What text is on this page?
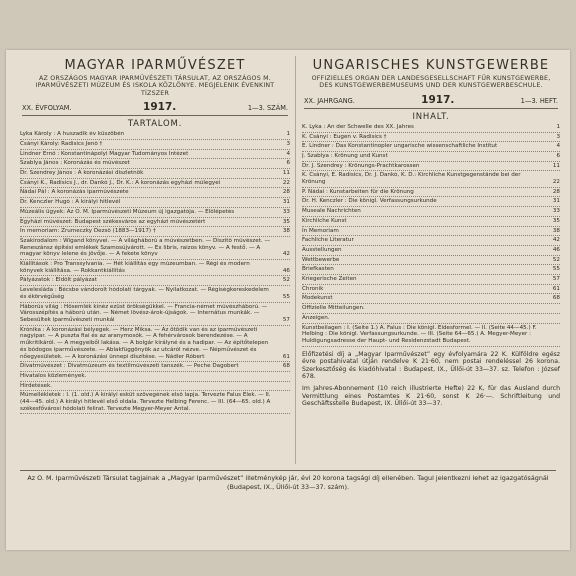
MAGYAR IPARMŰVÉSZET
AZ ORSZÁGOS MAGYAR IPARMŰVÉSZETI TÁRSULAT, AZ ORSZÁGOS M. IPARMŰVÉSZETI MÚZEUM ÉS ISKOLA KÖZLÖNYE. MEGJELENIK ÉVENKINT TÍZSZER
XX. ÉVFOLYAM.	1917.	1—3. SZÁM.
TARTALOM.
Lyka Károly : A huszadik év küszöbén	1
Csányi Károly: Radisics Jenő †	3
Lindner Ernő : Konstantinápolyi Magyar Tudományos Intézet	4
Szablya János : Koronázás és művészet	6
Dr. Szendrey János : A koronázási díszletnök	11
Csányi K., Radisics J., dr. Dankó J., Dr. K.: A koronázás egyházi műlegyei	22
Nádai Pál : A koronázás iparművészete	28
Dr. Kenczler Hugó : A királyi hitlevél	31
Múzeális ügyek: Az O. M. Iparművészeti Múzeum új igazgatója. — Előlépetés	33
Egyházi művészet: Budapest székesváros az egyházi művészetért	35
In memoriam: Zrumeczky Dezső (1883—1917) †	38
Szakirodalom : Wigand könyvei. — A világháború a művészetben. — Díszítő művészet. — Reneszánsz építési emlékek Szamosújvárott. — Ex libris, raizos könyv. — A festő. — A magyar könyv lelene és jövője. — A fekete könyv	42
Kiállítások : Pro Transsylvania. — Hét kiállítás egy múzeumban. — Régi és modern könyvek kiállítása. — Rokkantkiállítás	46
Pályázatok : Eldőlt pályázat	52
Levelesláda : Bécsbe vándorolt hódolati tárgyak. — Nyilatkozat. — Régiségkereskedelem és ékörvégűség	55
Háborús világ : Hősemlék kinéz ezüst örökségükkel. — Francia-német művészháború. — Városszépítés a háború után. — Német lövész-árok-újságok. — Internátus munkák. — Sebesültek iparművészeti munkái	57
Krónika : A koronázási bélyegek. — Herz Miksa. — Az ötödik van és az iparművészeti nagyipar. — A puszta fiai és az aranymosók. — A fehérvárosok berendezése. — A műkritikáról. — A megyeiből lakása. — A bolgár királyné és a hadipar. — Az építőtelepen és bódogos iparművészete. — Ablakfüggönyök az utcáról nézve. — Népművészet és nőegyesületek. — A koronázási ünnepi díszítése. — Nádler Róbert	61
Divatművészet : Divatmúzeum és textilművészeti tanszék. — Peche Dagobert	68
Hivatalos közlemények.
Hirdetések.
Műmellékletek : I. (1. old.) A királyi esküt szövegének első lapja. Tervezte Falus Elek. — II. (44—45. old.) A királyi hitlevél első oldala. Tervezte Helbing Ferenc. — III. (64—65. old.) A székesfővárosi hódolati felirat. Tervezte Megyer-Meyer Antal.
UNGARISCHES KUNSTGEWERBE
OFFIZIELLES ORGAN DER LANDESGESELLSCHAFT FÜR KUNSTGEWERBE, DES KUNSTGEWERBEMUSEUMS UND DER KUNSTGEWERBESCHULE.
XX. JAHRGANG.	1917.	1—3. HEFT.
INHALT.
K. Lyka : An der Schwelle des XX. Jahres	1
K. Csányi : Eugen v. Radisics †	3
E. Lindner : Das Konstantinopler ungarische wissenschaftliche Institut	4
J. Szablya : Krönung und Kunst	6
Dr. J. Szendrey : Krönungs-Prachtkarossen	11
K. Csányi, E. Radisics, Dr. J. Dankó, K. D.: Kirchliche Kunstgegenstände bei der Krönung	22
P. Nádai : Kunstarbeiten für die Krönung	28
Dr. H. Kenczler : Die königl. Verfassungsurkunde	31
Museale Nachrichten	33
Kirchliche Kunst	35
In Memoriam	38
Fachliche Literatur	42
Ausstellungen	46
Wettbewerbe	52
Briefkasten	55
Kriegerische Zeiten	57
Chronik	61
Modekunst	68
Offizielle Mitteilungen.
Anzeigen.
Kunstbeilagen : I. (Seite 1.) A. Falus : Die königl. Eidesformel. — II. (Seite 44—45.) F. Helbing : Die königl. Verfassungsurkunde. — III. (Seite 64—65.) A. Megyer-Meyer : Huldigungsadresse der Haupt- und Residenzstadt Budapest.

Előfizetési díj a „Magyar Iparművészet” egy évfolyamára 22 K. Külföldre egész évre postahivatal útján rendelve K 21·60, nem postai rendeléssel 26 korona. Szerkesztőség és kiadóhivatal : Budapest, IX., Üllői-út 33—37. sz. Telefon : József 678.

Im Jahres-Abonnement (10 reich illustrierte Hefte) 22 K, für das Ausland durch Vermittlung eines Postamtes K 21·60, sonst K 26·—. Schriftleitung und Geschäftsstelle Budapest, IX. Üllői-út 33—37.

Az O. M. Iparművészeti Társulat tagjainak a „Magyar Iparművészet” illetménykép jár, évi 20 korona tagsági díj ellenében. Tagul jelentkezni lehet az igazgatóságnál (Budapest, IX., Üllői-út 33—37. szám).
